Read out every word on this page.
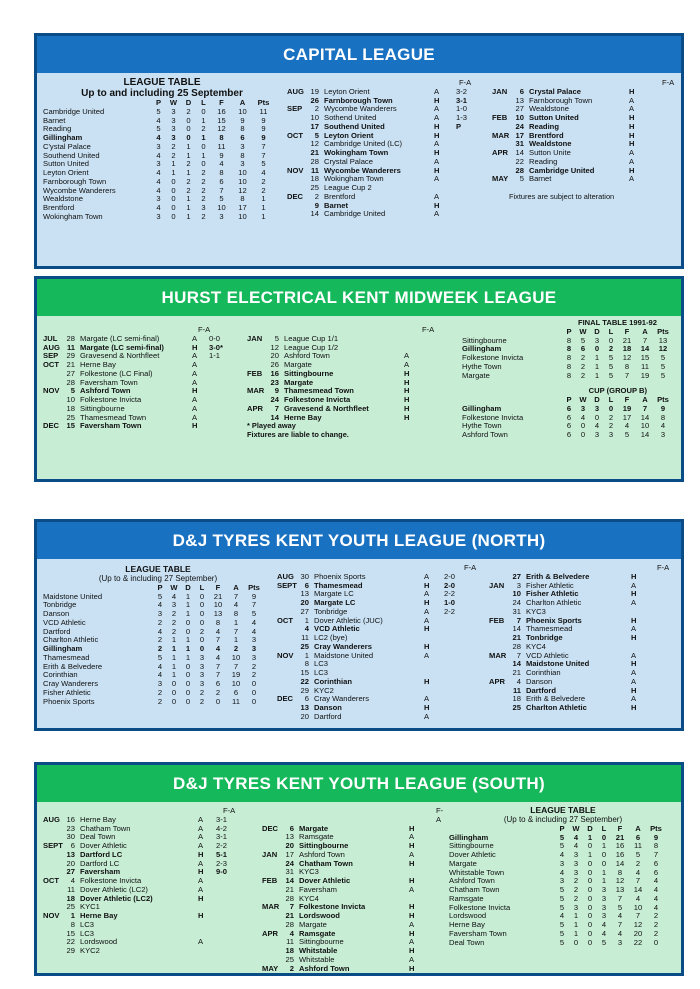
CAPITAL LEAGUE
LEAGUE TABLE
Up to and including 25 September
	P	W	D	L	F	A	Pts
Cambridge United	5	3	2	0	16	10	11
Barnet	4	3	0	1	15	9	9
Reading	5	3	0	2	12	8	9
Gillingham	4	3	0	1	8	6	9
C'ystal Palace	3	2	1	0	11	3	7
Southend United	4	2	1	1	9	8	7
Sutton United	3	1	2	0	4	3	5
Leyton Orient	4	1	1	2	8	10	4
Farnborough Town	4	0	2	2	6	10	2
Wycombe Wanderers	4	0	2	2	7	12	2
Wealdstone	3	0	1	2	5	8	1
Brentford	4	0	1	3	10	17	1
Wokingham Town	3	0	1	2	3	10	1
F-A
AUG	19	Leyton Orient	A	3-2
	26	Farnborough Town	H	3-1
SEP	2	Wycombe Wanderers	A	1-0
	10	Sothend United	A	1-3
	17	Southend United	H	P
OCT	5	Leyton Orient	H	
	12	Cambridge United (LC)	A	
	21	Wokingham Town	H	
	28	Crystal Palace	A	
NOV	11	Wycombe Wanderers	H	
	18	Wokingham Town	A	
	25	League Cup 2		
DEC	2	Brentford	A	
	9	Barnet	H	
	14	Cambridge United	A	
F-A
JAN	6	Crystal Palace	H
	13	Farnborough Town	A
	27	Wealdstone	A
FEB	10	Sutton United	H
	24	Reading	H
MAR	17	Brentford	H
	31	Wealdstone	H
APR	14	Sutton Unite	A
	22	Reading	A
	28	Cambridge United	H
MAY	5	Barnet	A
Fixtures are subject to alteration
HURST ELECTRICAL KENT MIDWEEK LEAGUE
F-A
JUL	28	Margate (LC semi-final)	A	0-0
AUG	11	Margate (LC semi-final)	H	3-0*
SEP	29	Gravesend & Northfleet	A	1-1
OCT	21	Herne Bay	A	
	27	Folkestone (LC Final)	A	
	28	Faversham Town	A	
NOV	5	Ashford Town	H	
	10	Folkestone Invicta	A	
	18	Sittingbourne	A	
	25	Thamesmead Town	A	
DEC	15	Faversham Town	H	
F-A
JAN	5	League Cup 1/1	
	12	League Cup 1/2	
	20	Ashford Town	A
	26	Margate	A
FEB	16	Sittingbourne	H
	23	Margate	H
MAR	9	Thamesmead Town	H
	24	Folkestone Invicta	H
APR	7	Gravesend & Northfleet	H
	14	Herne Bay	H
* Played away
Fixtures are liable to change.
FINAL TABLE 1991-92
	P	W	D	L	F	A	Pts
Sittingbourne	8	5	3	0	21	7	13
Gillingham	8	6	0	2	18	14	12
Folkestone Invicta	8	2	1	5	12	15	5
Hythe Town	8	2	1	5	8	11	5
Margate	8	2	1	5	7	19	5
CUP (GROUP B)
	P	W	D	L	F	A	Pts
Gillingham	6	3	3	0	19	7	9
Folkestone Invicta	6	4	0	2	17	14	8
Hythe Town	6	0	4	2	4	10	4
Ashford Town	6	0	3	3	5	14	3
D&J TYRES KENT YOUTH LEAGUE (NORTH)
LEAGUE TABLE
(Up to & including 27 September)
	P	W	D	L	F	A	Pts
Maidstone United	5	4	1	0	21	7	9
Tonbridge	4	3	1	0	10	4	7
Danson	3	2	1	0	13	8	5
VCD Athletic	2	2	0	0	8	1	4
Dartford	4	2	0	2	4	7	4
Charlton Athletic	2	1	1	0	7	1	3
Gillingham	2	1	1	0	4	2	3
Thamesmead	5	1	1	3	4	10	3
Erith & Belvedere	4	1	0	3	7	7	2
Corinthian	4	1	0	3	7	19	2
Cray Wanderers	3	0	0	3	6	10	0
Fisher Athletic	2	0	0	2	2	6	0
Phoenix Sports	2	0	0	2	0	11	0
F-A
AUG	30	Phoenix Sports	A	2-0
SEPT	6	Thamesmead	H	2-0
	13	Margate LC	A	2-2
	20	Margate LC	H	1-0
	27	Tonbridge	A	2-2
OCT	1	Dover Athletic (JUC)	A	
	4	VCD Athletic	H	
	11	LC2 (bye)		
	25	Cray Wanderers	H	
NOV	1	Maidstone United	A	
	8	LC3		
	15	LC3		
	22	Corinthian	H	
	29	KYC2		
DEC	6	Cray Wanderers	A	
	13	Danson	H	
	20	Dartford	A	
F-A
	27	Erith & Belvedere	H
JAN	3	Fisher Athletic	A
	10	Fisher Athletic	H
	24	Charlton Athletic	A
	31	KYC3	
FEB	7	Phoenix Sports	H
	14	Thamesmead	A
	21	Tonbridge	H
	28	KYC4	
MAR	7	VCD Athletic	A
	14	Maidstone United	H
	21	Corinthian	A
APR	4	Danson	A
	11	Dartford	H
	18	Erith & Belvedere	A
	25	Charlton Athletic	H
D&J TYRES KENT YOUTH LEAGUE (SOUTH)
F-A
AUG	16	Herne Bay	A	3-1
	23	Chatham Town	A	4-2
	30	Deal Town	A	3-1
SEPT	6	Dover Athletic	A	2-2
	13	Dartford LC	H	5-1
	20	Dartford LC	A	2-3
	27	Faversham	H	9-0
OCT	4	Folkestone Invicta	A	
	11	Dover Athletic (LC2)	A	
	18	Dover Athletic (LC2)	H	
	25	KYC1		
NOV	1	Herne Bay	H	
	8	LC3		
	15	LC3		
	22	Lordswood	A	
	29	KYC2		
F-A
DEC	6	Margate	H
	13	Ramsgate	A
	20	Sittingbourne	H
JAN	17	Ashford Town	A
	24	Chatham Town	H
	31	KYC3	
FEB	14	Dover Athletic	H
	21	Faversham	A
	28	KYC4	
MAR	7	Folkestone Invicta	H
	21	Lordswood	H
	28	Margate	A
APR	4	Ramsgate	H
	11	Sittingbourne	A
	18	Whitstable	H
	25	Whitstable	A
MAY	2	Ashford Town	H
LEAGUE TABLE
(Up to & including 27 September)
	P	W	D	L	F	A	Pts
Gillingham	5	4	1	0	21	6	9
Sittingbourne	5	4	0	1	16	11	8
Dover Athletic	4	3	1	0	16	5	7
Margate	3	3	0	0	14	2	6
Whitstable Town	4	3	0	1	8	4	6
Ashford Town	3	2	0	1	12	7	4
Chatham Town	5	2	0	3	13	14	4
Ramsgate	5	2	0	3	7	4	4
Folkestone Invicta	5	3	0	3	5	10	4
Lordswood	4	1	0	3	4	7	2
Herne Bay	5	1	0	4	7	12	2
Faversham Town	5	1	0	4	4	20	2
Deal Town	5	0	0	5	3	22	0
